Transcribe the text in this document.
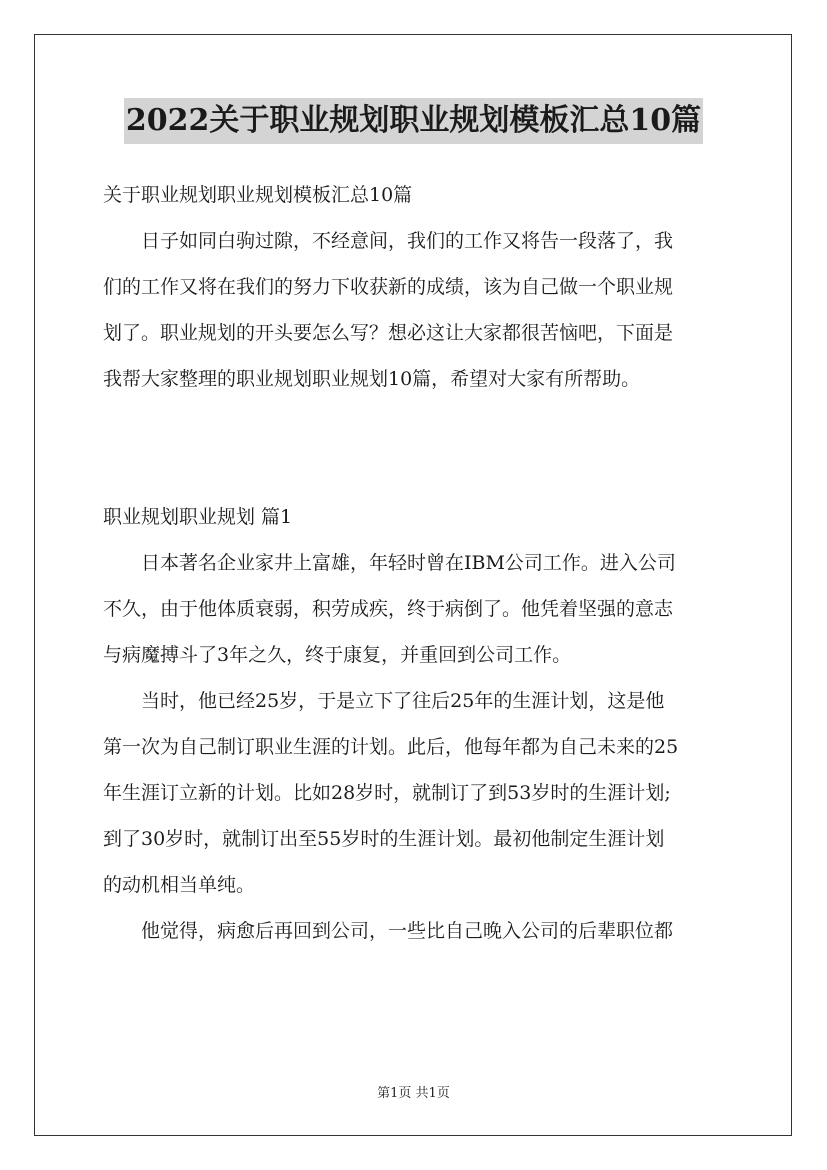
2022关于职业规划职业规划模板汇总10篇
关于职业规划职业规划模板汇总10篇
日子如同白驹过隙，不经意间，我们的工作又将告一段落了，我
们的工作又将在我们的努力下收获新的成绩，该为自己做一个职业规
划了。职业规划的开头要怎么写？想必这让大家都很苦恼吧，下面是
我帮大家整理的职业规划职业规划10篇，希望对大家有所帮助。
职业规划职业规划 篇1
日本著名企业家井上富雄，年轻时曾在IBM公司工作。进入公司
不久，由于他体质衰弱，积劳成疾，终于病倒了。他凭着坚强的意志
与病魔搏斗了3年之久，终于康复，并重回到公司工作。
当时，他已经25岁，于是立下了往后25年的生涯计划，这是他
第一次为自己制订职业生涯的计划。此后，他每年都为自己未来的25
年生涯订立新的计划。比如28岁时，就制订了到53岁时的生涯计划;
到了30岁时，就制订出至55岁时的生涯计划。最初他制定生涯计划
的动机相当单纯。
他觉得，病愈后再回到公司，一些比自己晚入公司的后辈职位都
第1页 共1页
